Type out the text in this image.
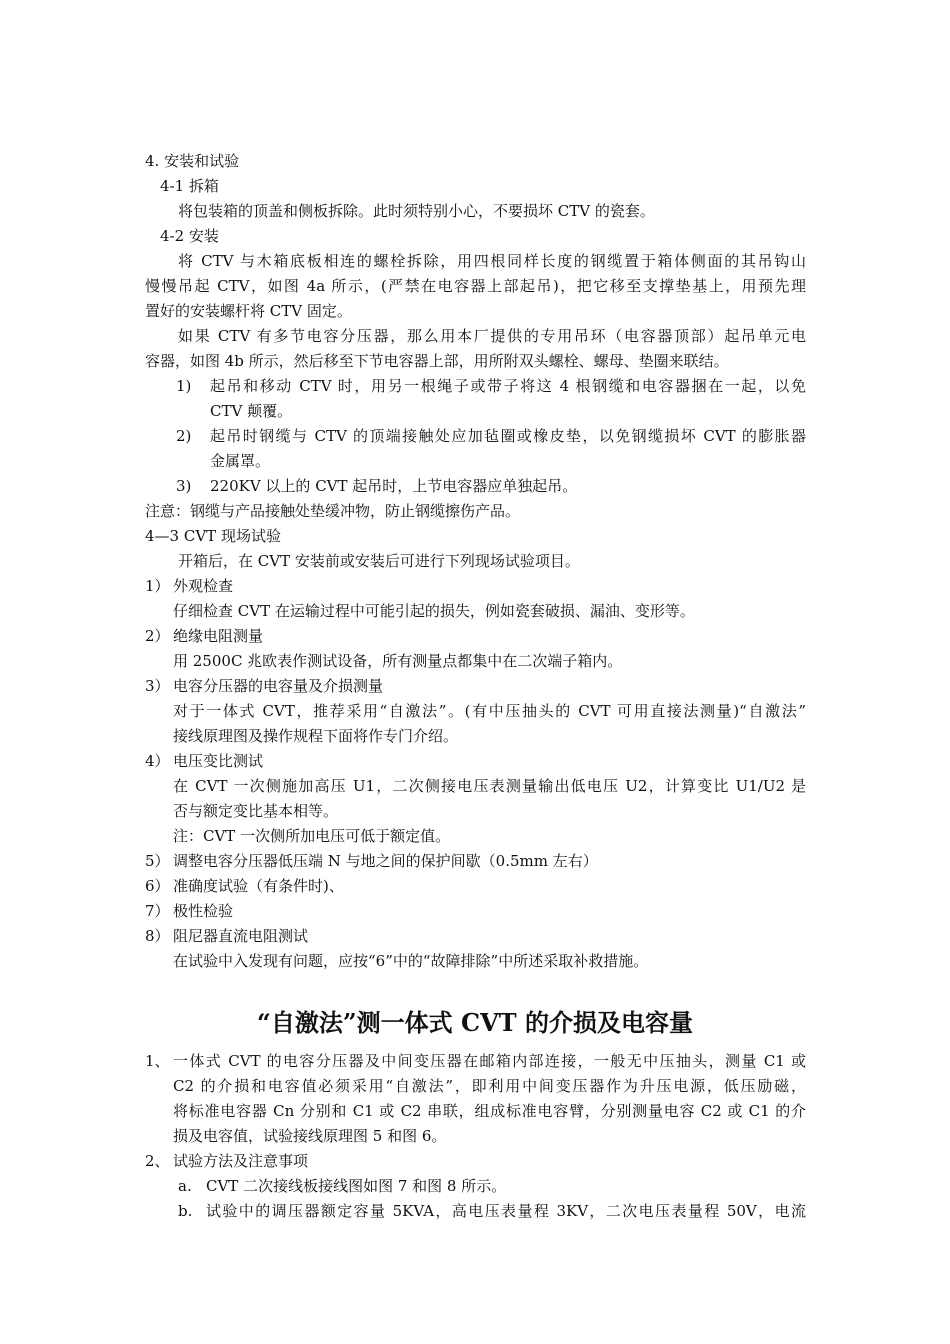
4. 安装和试验
4-1 拆箱
将包装箱的顶盖和侧板拆除。此时须特别小心，不要损坏 CTV 的瓷套。
4-2 安装
将 CTV 与木箱底板相连的螺栓拆除，用四根同样长度的钢缆置于箱体侧面的其吊钩山
慢慢吊起 CTV，如图 4a 所示，(严禁在电容器上部起吊)，把它移至支撑垫基上，用预先理
置好的安装螺杆将 CTV 固定。
如果 CTV 有多节电容分压器，那么用本厂提供的专用吊环（电容器顶部）起吊单元电
容器，如图 4b 所示，然后移至下节电容器上部，用所附双头螺栓、螺母、垫圈来联结。
1) 起吊和移动 CTV 时，用另一根绳子或带子将这 4 根钢缆和电容器捆在一起，以免
CTV 颠覆。
2) 起吊时钢缆与 CTV 的顶端接触处应加毡圈或橡皮垫，以免钢缆损坏 CVT 的膨胀器
金属罩。
3) 220KV 以上的 CVT 起吊时，上节电容器应单独起吊。
注意：钢缆与产品接触处垫缓冲物，防止钢缆擦伤产品。
4—3 CVT 现场试验
开箱后，在 CVT 安装前或安装后可进行下列现场试验项目。
1） 外观检查
仔细检查 CVT 在运输过程中可能引起的损失，例如瓷套破损、漏油、变形等。
2） 绝缘电阻测量
用 2500C 兆欧表作测试设备，所有测量点都集中在二次端子箱内。
3） 电容分压器的电容量及介损测量
对于一体式 CVT，推荐采用“自激法”。(有中压抽头的 CVT 可用直接法测量)“自激法”
接线原理图及操作规程下面将作专门介绍。
4） 电压变比测试
在 CVT 一次侧施加高压 U1，二次侧接电压表测量输出低电压 U2，计算变比 U1/U2 是
否与额定变比基本相等。
注：CVT 一次侧所加电压可低于额定值。
5） 调整电容分压器低压端 N 与地之间的保护间歇（0.5mm 左右）
6） 准确度试验（有条件时)、
7） 极性检验
8） 阻尼器直流电阻测试
在试验中入发现有问题，应按“6”中的“故障排除”中所述采取补救措施。
“自激法”测一体式 CVT 的介损及电容量
1、 一体式 CVT 的电容分压器及中间变压器在邮箱内部连接，一般无中压抽头，测量 C1 或
C2 的介损和电容值必须采用“自激法”，即利用中间变压器作为升压电源，低压励磁，
将标准电容器 Cn 分别和 C1 或 C2 串联，组成标准电容臂，分别测量电容 C2 或 C1 的介
损及电容值，试验接线原理图 5 和图 6。
2、 试验方法及注意事项
a. CVT 二次接线板接线图如图 7 和图 8 所示。
b. 试验中的调压器额定容量 5KVA，高电压表量程 3KV，二次电压表量程 50V，电流
